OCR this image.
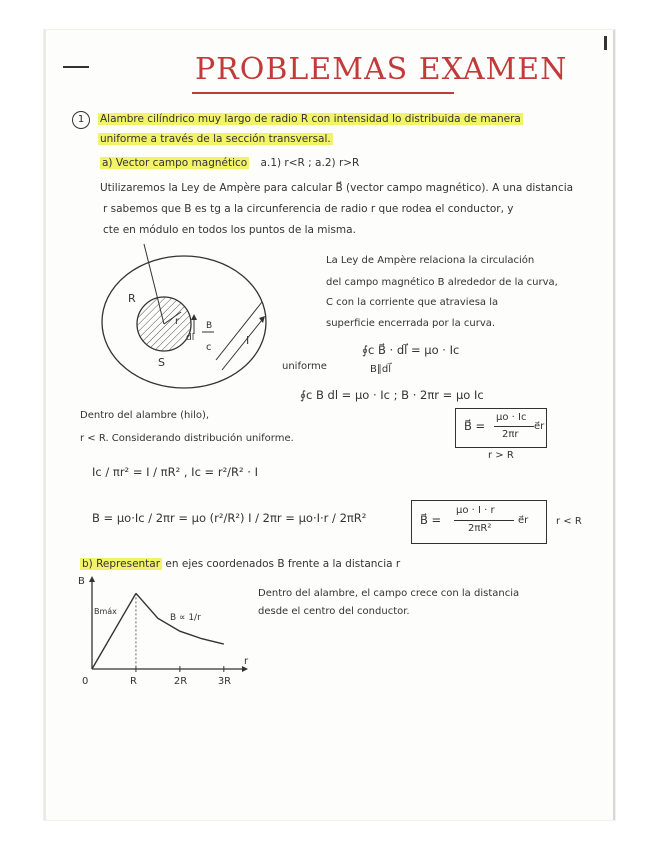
PROBLEMAS EXAMEN
1	Alambre cilíndrico muy largo de radio R con intensidad Io distribuida de manera
uniforme a través de la sección transversal.
a) Vector campo magnético a.1) r<R ; a.2) r>R
Utilizaremos la Ley de Ampère para calcular B⃗ (vector campo magnético). A una distancia
r sabemos que B es tg a la circunferencia de radio r que rodea el conductor, y
cte en módulo en todos los puntos de la misma.
R
r
dl
B
c
S
I
La Ley de Ampère relaciona la circulación
del campo magnético B alrededor de la curva,
C con la corriente que atraviesa la
superficie encerrada por la curva.
∮c B⃗ · dl⃗ = μo · Ic
B∥dl⃗
uniforme
∮c B dl = μo · Ic ; B · 2πr = μo Ic
B⃗ =
μo · Ic
2πr
e⃗r
r > R
Dentro del alambre (hilo),
r < R. Considerando distribución uniforme.
Ic / πr² = I / πR² , Ic = r²/R² · I
B = μo·Ic / 2πr = μo (r²/R²) I / 2πr = μo·I·r / 2πR²	B⃗ =
μo · I · r
2πR²
e⃗r	r < R
b) Representar en ejes coordenados B frente a la distancia r
Dentro del alambre, el campo crece con la distancia
desde el centro del conductor.
B
r
0	R	2R	3R
Bmáx
B ∝ 1/r
